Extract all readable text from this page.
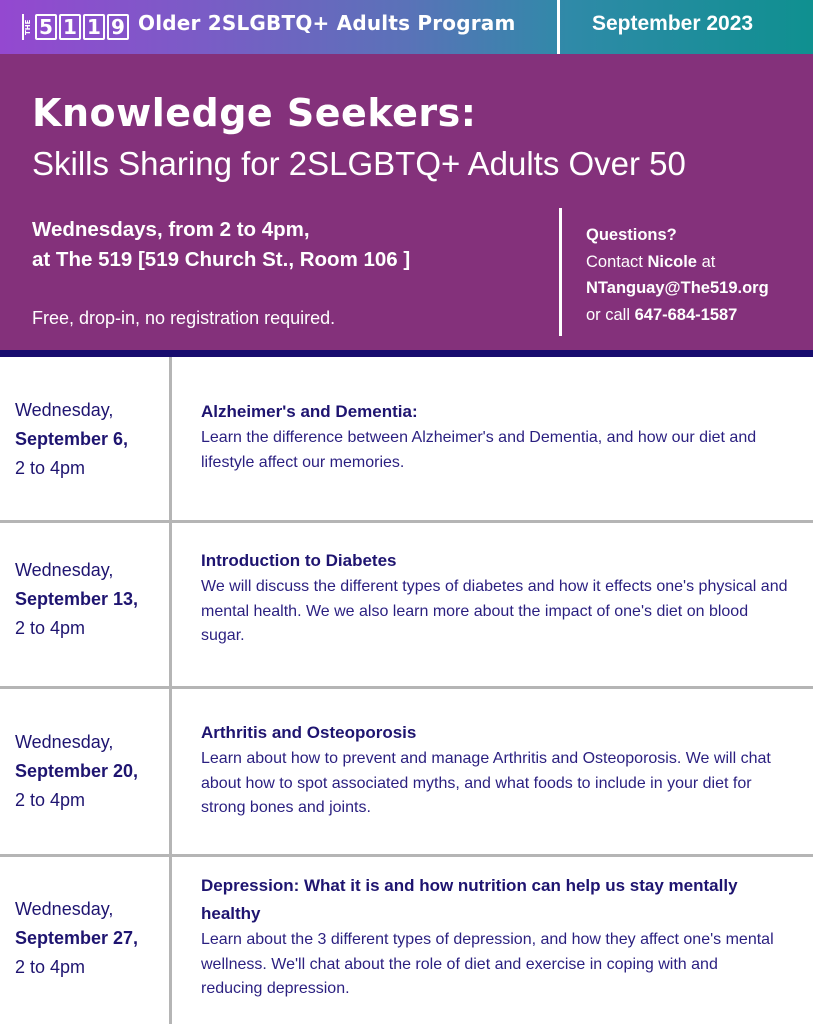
THE 5 1 1 9 Older 2SLGBTQ+ Adults Program	September 2023
Knowledge Seekers:
Skills Sharing for 2SLGBTQ+ Adults Over 50
Wednesdays, from 2 to 4pm,
at The 519 [519 Church St., Room 106 ]
Free, drop-in, no registration required.
Questions?
Contact Nicole at
NTanguay@The519.org
or call 647-684-1587
Wednesday,
September 6,
2 to 4pm
Alzheimer's and Dementia:
Learn the difference between Alzheimer's and Dementia, and how our diet and lifestyle affect our memories.
Wednesday,
September 13,
2 to 4pm
Introduction to Diabetes
We will discuss the different types of diabetes and how it effects one's physical and mental health. We we also learn more about the impact of one's diet on blood sugar.
Wednesday,
September 20,
2 to 4pm
Arthritis and Osteoporosis
Learn about how to prevent and manage Arthritis and Osteoporosis. We will chat about how to spot associated myths, and what foods to include in your diet for strong bones and joints.
Wednesday,
September 27,
2 to 4pm
Depression: What it is and how nutrition can help us stay mentally healthy
Learn about the 3 different types of depression, and how they affect one's mental wellness. We'll chat about the role of diet and exercise in coping with and reducing depression.
